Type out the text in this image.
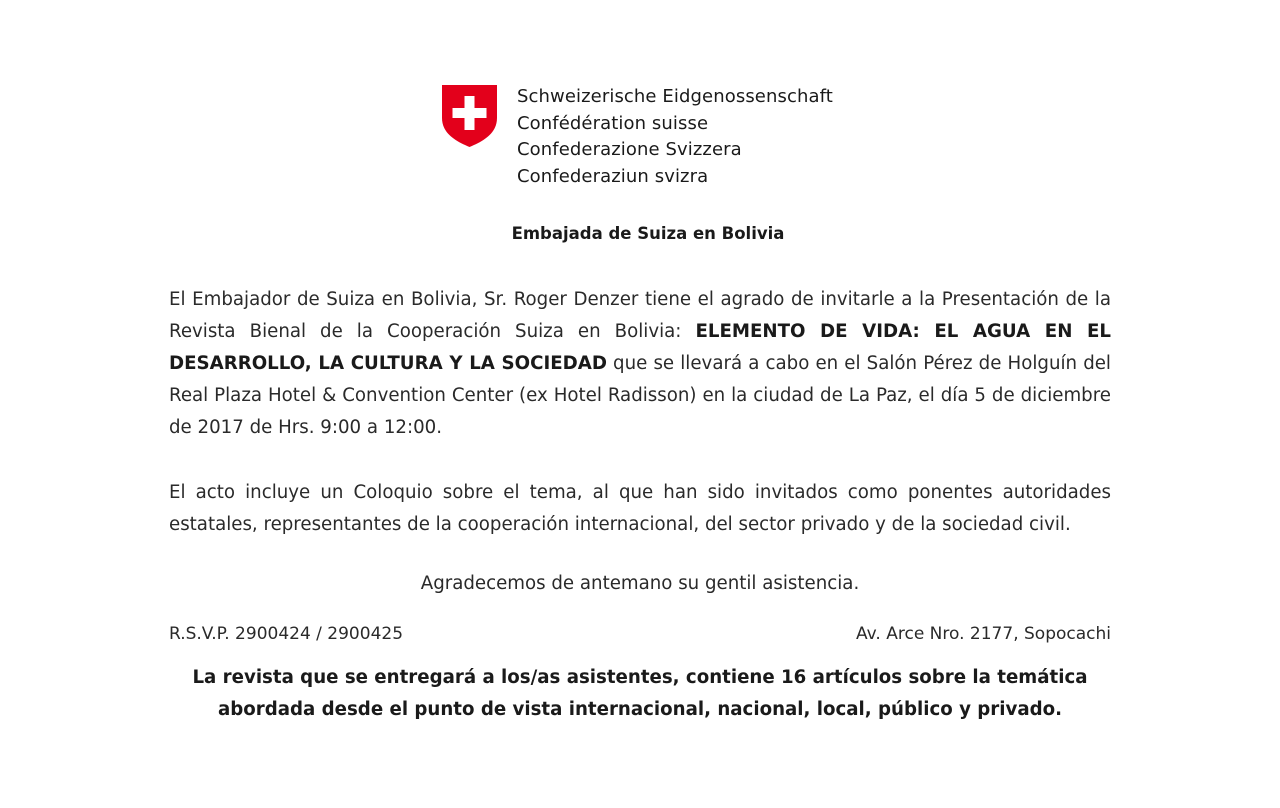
Schweizerische Eidgenossenschaft
Confédération suisse
Confederazione Svizzera
Confederaziun svizra
Embajada de Suiza en Bolivia

El Embajador de Suiza en Bolivia, Sr. Roger Denzer tiene el agrado de invitarle a la Presentación de la Revista Bienal de la Cooperación Suiza en Bolivia: ELEMENTO DE VIDA: EL AGUA EN EL DESARROLLO, LA CULTURA Y LA SOCIEDAD que se llevará a cabo en el Salón Pérez de Holguín del Real Plaza Hotel & Convention Center (ex Hotel Radisson) en la ciudad de La Paz, el día 5 de diciembre de 2017 de Hrs. 9:00 a 12:00.

El acto incluye un Coloquio sobre el tema, al que han sido invitados como ponentes autoridades estatales, representantes de la cooperación internacional, del sector privado y de la sociedad civil.

Agradecemos de antemano su gentil asistencia.
R.S.V.P. 2900424 / 2900425	Av. Arce Nro. 2177, Sopocachi
La revista que se entregará a los/as asistentes, contiene 16 artículos sobre la temática
abordada desde el punto de vista internacional, nacional, local, público y privado.
